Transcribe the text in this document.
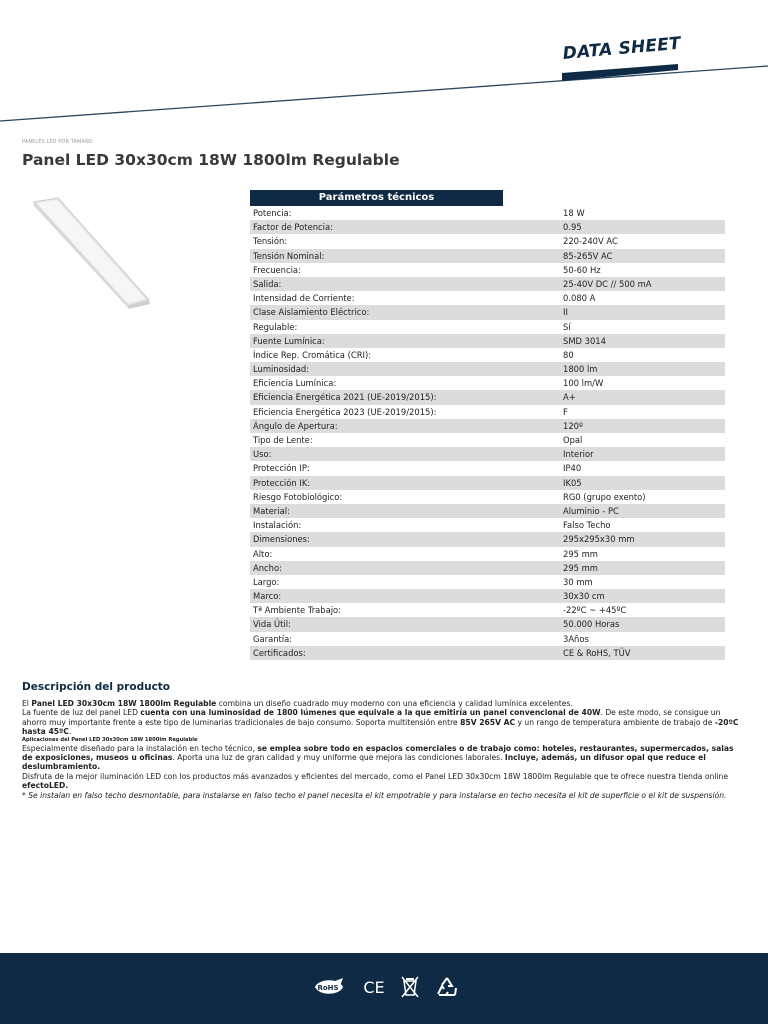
DATA SHEET
PANELES LED POR TAMAÑO
Panel LED 30x30cm 18W 1800lm Regulable
Parámetros técnicos
Potencia:	18 W
Factor de Potencia:	0.95
Tensión:	220-240V AC
Tensión Nominal:	85-265V AC
Frecuencia:	50-60 Hz
Salida:	25-40V DC // 500 mA
Intensidad de Corriente:	0.080 A
Clase Aislamiento Eléctrico:	II
Regulable:	Sí
Fuente Lumínica:	SMD 3014
Índice Rep. Cromática (CRI):	80
Luminosidad:	1800 lm
Eficiencia Lumínica:	100 lm/W
Eficiencia Energética 2021 (UE-2019/2015):	A+
Eficiencia Energética 2023 (UE-2019/2015):	F
Ángulo de Apertura:	120º
Tipo de Lente:	Opal
Uso:	Interior
Protección IP:	IP40
Protección IK:	IK05
Riesgo Fotobiológico:	RG0 (grupo exento)
Material:	Aluminio - PC
Instalación:	Falso Techo
Dimensiones:	295x295x30 mm
Alto:	295 mm
Ancho:	295 mm
Largo:	30 mm
Marco:	30x30 cm
Tª Ambiente Trabajo:	-22ºC ~ +45ºC
Vida Útil:	50.000 Horas
Garantía:	3Años
Certificados:	CE & RoHS, TÜV
Descripción del producto

El Panel LED 30x30cm 18W 1800lm Regulable combina un diseño cuadrado muy moderno con una eficiencia y calidad lumínica excelentes.

La fuente de luz del panel LED cuenta con una luminosidad de 1800 lúmenes que equivale a la que emitiría un panel convencional de 40W. De este modo, se consigue un ahorro muy importante frente a este tipo de luminarias tradicionales de bajo consumo. Soporta multitensión entre 85V 265V AC y un rango de temperatura ambiente de trabajo de -20ºC hasta 45ºC.

Aplicaciones del Panel LED 30x30cm 18W 1800lm Regulable

Especialmente diseñado para la instalación en techo técnico, se emplea sobre todo en espacios comerciales o de trabajo como: hoteles, restaurantes, supermercados, salas de exposiciones, museos u oficinas. Aporta una luz de gran calidad y muy uniforme que mejora las condiciones laborales. Incluye, además, un difusor opal que reduce el deslumbramiento.

Disfruta de la mejor iluminación LED con los productos más avanzados y eficientes del mercado, como el Panel LED 30x30cm 18W 1800lm Regulable que te ofrece nuestra tienda online efectoLED.

* Se instalan en falso techo desmontable, para instalarse en falso techo el panel necesita el kit empotrable y para instalarse en techo necesita el kit de superficie o el kit de suspensión.

RoHS CE
